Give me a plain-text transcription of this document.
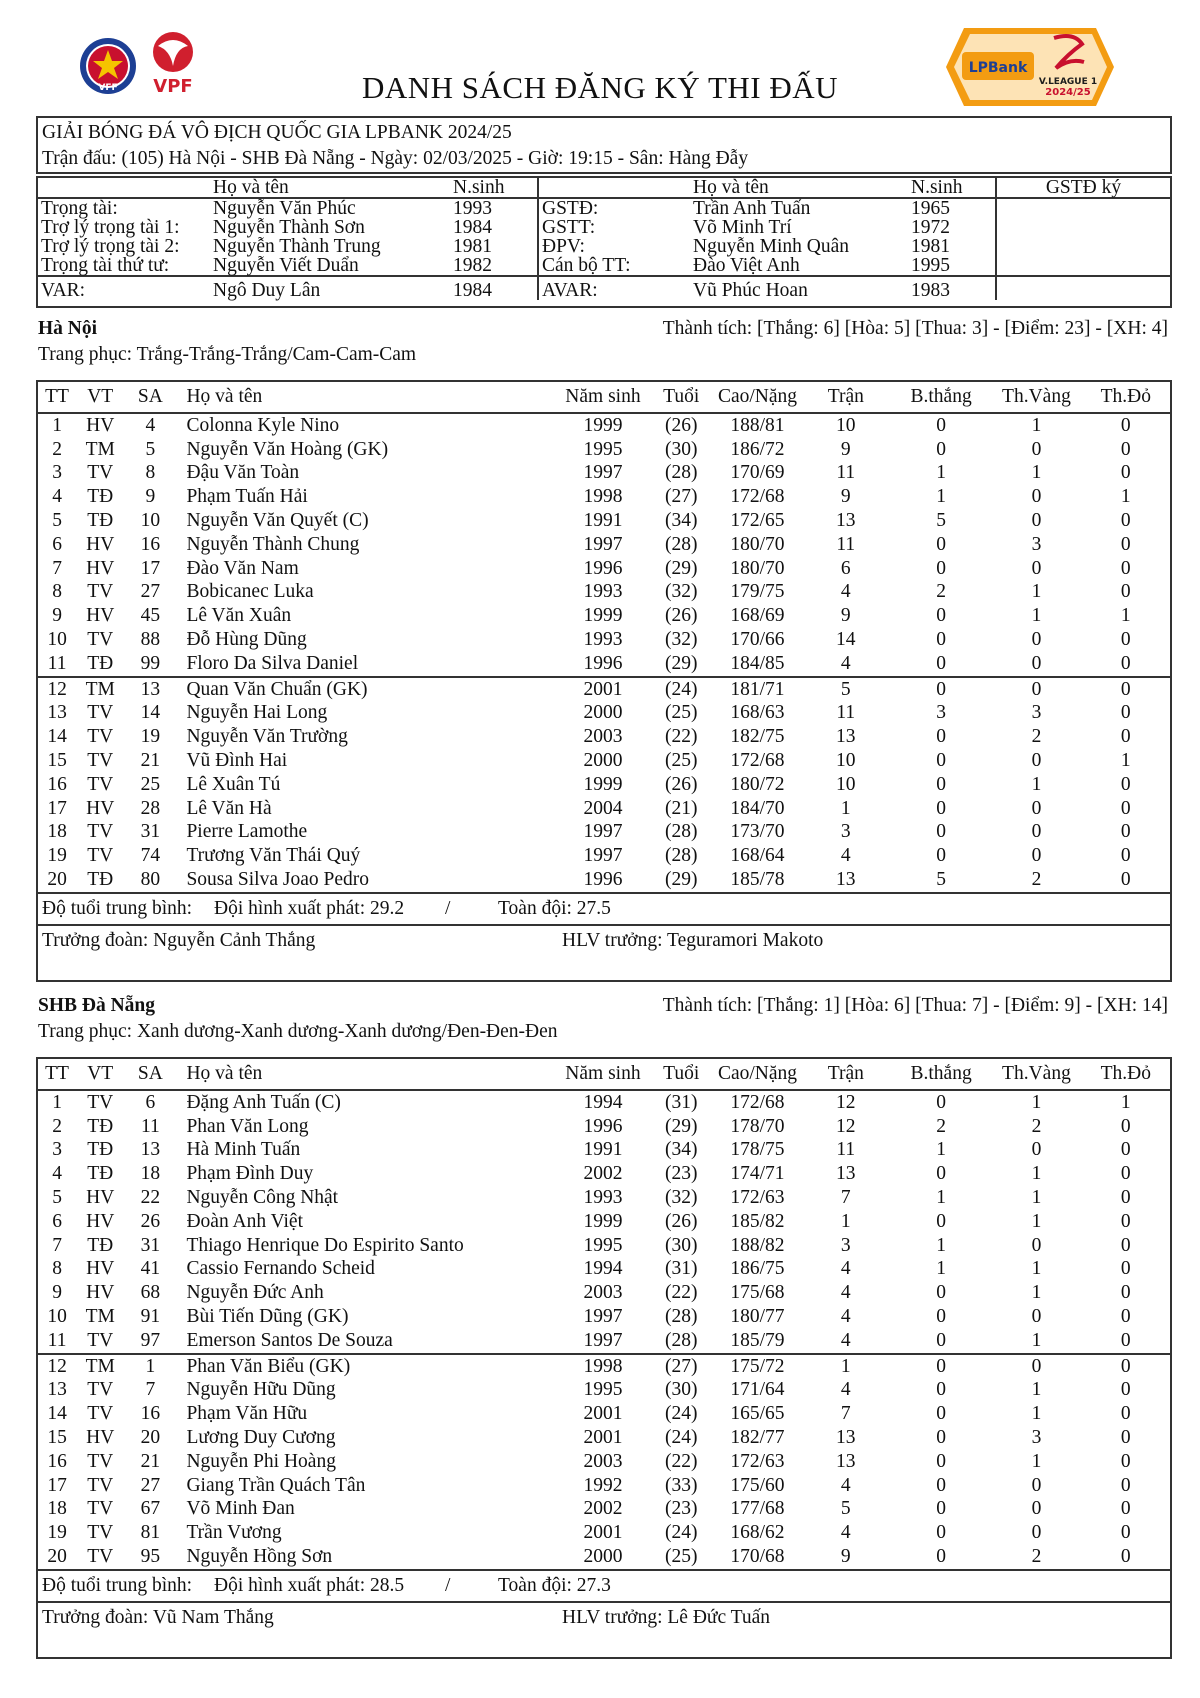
VFF VPF
LPBank
V.LEAGUE 1
2024/25
DANH SÁCH ĐĂNG KÝ THI ĐẤU
GIẢI BÓNG ĐÁ VÔ ĐỊCH QUỐC GIA LPBANK 2024/25
Trận đấu: (105) Hà Nội - SHB Đà Nẵng - Ngày: 02/03/2025 - Giờ: 19:15 - Sân: Hàng Đẫy
	Họ và tên	N.sinh		Họ và tên	N.sinh	GSTĐ ký
Trọng tài:	Nguyễn Văn Phúc	1993	GSTĐ:	Trần Anh Tuấn	1965	
Trợ lý trọng tài 1:	Nguyễn Thành Sơn	1984	GSTT:	Võ Minh Trí	1972	
Trợ lý trọng tài 2:	Nguyễn Thành Trung	1981	ĐPV:	Nguyễn Minh Quân	1981	
Trọng tài thứ tư:	Nguyễn Viết Duẩn	1982	Cán bộ TT:	Đào Việt Anh	1995	
VAR:	Ngô Duy Lân	1984	AVAR:	Vũ Phúc Hoan	1983	
Hà Nội	Thành tích: [Thắng: 6] [Hòa: 5] [Thua: 3] - [Điểm: 23] - [XH: 4]
Trang phục: Trắng-Trắng-Trắng/Cam-Cam-Cam
TT	VT	SA	Họ và tên	Năm sinh	Tuổi	Cao/Nặng	Trận	B.thắng	Th.Vàng	Th.Đỏ
1	HV	4	Colonna Kyle Nino	1999	(26)	188/81	10	0	1	0
2	TM	5	Nguyễn Văn Hoàng (GK)	1995	(30)	186/72	9	0	0	0
3	TV	8	Đậu Văn Toàn	1997	(28)	170/69	11	1	1	0
4	TĐ	9	Phạm Tuấn Hải	1998	(27)	172/68	9	1	0	1
5	TĐ	10	Nguyễn Văn Quyết (C)	1991	(34)	172/65	13	5	0	0
6	HV	16	Nguyễn Thành Chung	1997	(28)	180/70	11	0	3	0
7	HV	17	Đào Văn Nam	1996	(29)	180/70	6	0	0	0
8	TV	27	Bobicanec Luka	1993	(32)	179/75	4	2	1	0
9	HV	45	Lê Văn Xuân	1999	(26)	168/69	9	0	1	1
10	TV	88	Đỗ Hùng Dũng	1993	(32)	170/66	14	0	0	0
11	TĐ	99	Floro Da Silva Daniel	1996	(29)	184/85	4	0	0	0
12	TM	13	Quan Văn Chuẩn (GK)	2001	(24)	181/71	5	0	0	0
13	TV	14	Nguyễn Hai Long	2000	(25)	168/63	11	3	3	0
14	TV	19	Nguyễn Văn Trường	2003	(22)	182/75	13	0	2	0
15	TV	21	Vũ Đình Hai	2000	(25)	172/68	10	0	0	1
16	TV	25	Lê Xuân Tú	1999	(26)	180/72	10	0	1	0
17	HV	28	Lê Văn Hà	2004	(21)	184/70	1	0	0	0
18	TV	31	Pierre Lamothe	1997	(28)	173/70	3	0	0	0
19	TV	74	Trương Văn Thái Quý	1997	(28)	168/64	4	0	0	0
20	TĐ	80	Sousa Silva Joao Pedro	1996	(29)	185/78	13	5	2	0
Độ tuổi trung bình: Đội hình xuất phát: 29.2 / Toàn đội: 27.5
Trưởng đoàn: Nguyễn Cảnh Thắng	HLV trưởng: Teguramori Makoto
SHB Đà Nẵng	Thành tích: [Thắng: 1] [Hòa: 6] [Thua: 7] - [Điểm: 9] - [XH: 14]
Trang phục: Xanh dương-Xanh dương-Xanh dương/Đen-Đen-Đen
TT	VT	SA	Họ và tên	Năm sinh	Tuổi	Cao/Nặng	Trận	B.thắng	Th.Vàng	Th.Đỏ
1	TV	6	Đặng Anh Tuấn (C)	1994	(31)	172/68	12	0	1	1
2	TĐ	11	Phan Văn Long	1996	(29)	178/70	12	2	2	0
3	TĐ	13	Hà Minh Tuấn	1991	(34)	178/75	11	1	0	0
4	TĐ	18	Phạm Đình Duy	2002	(23)	174/71	13	0	1	0
5	HV	22	Nguyễn Công Nhật	1993	(32)	172/63	7	1	1	0
6	HV	26	Đoàn Anh Việt	1999	(26)	185/82	1	0	1	0
7	TĐ	31	Thiago Henrique Do Espirito Santo	1995	(30)	188/82	3	1	0	0
8	HV	41	Cassio Fernando Scheid	1994	(31)	186/75	4	1	1	0
9	HV	68	Nguyễn Đức Anh	2003	(22)	175/68	4	0	1	0
10	TM	91	Bùi Tiến Dũng (GK)	1997	(28)	180/77	4	0	0	0
11	TV	97	Emerson Santos De Souza	1997	(28)	185/79	4	0	1	0
12	TM	1	Phan Văn Biểu (GK)	1998	(27)	175/72	1	0	0	0
13	TV	7	Nguyễn Hữu Dũng	1995	(30)	171/64	4	0	1	0
14	TV	16	Phạm Văn Hữu	2001	(24)	165/65	7	0	1	0
15	HV	20	Lương Duy Cương	2001	(24)	182/77	13	0	3	0
16	TV	21	Nguyễn Phi Hoàng	2003	(22)	172/63	13	0	1	0
17	TV	27	Giang Trần Quách Tân	1992	(33)	175/60	4	0	0	0
18	TV	67	Võ Minh Đan	2002	(23)	177/68	5	0	0	0
19	TV	81	Trần Vương	2001	(24)	168/62	4	0	0	0
20	TV	95	Nguyễn Hồng Sơn	2000	(25)	170/68	9	0	2	0
Độ tuổi trung bình: Đội hình xuất phát: 28.5 / Toàn đội: 27.3
Trưởng đoàn: Vũ Nam Thắng	HLV trưởng: Lê Đức Tuấn
